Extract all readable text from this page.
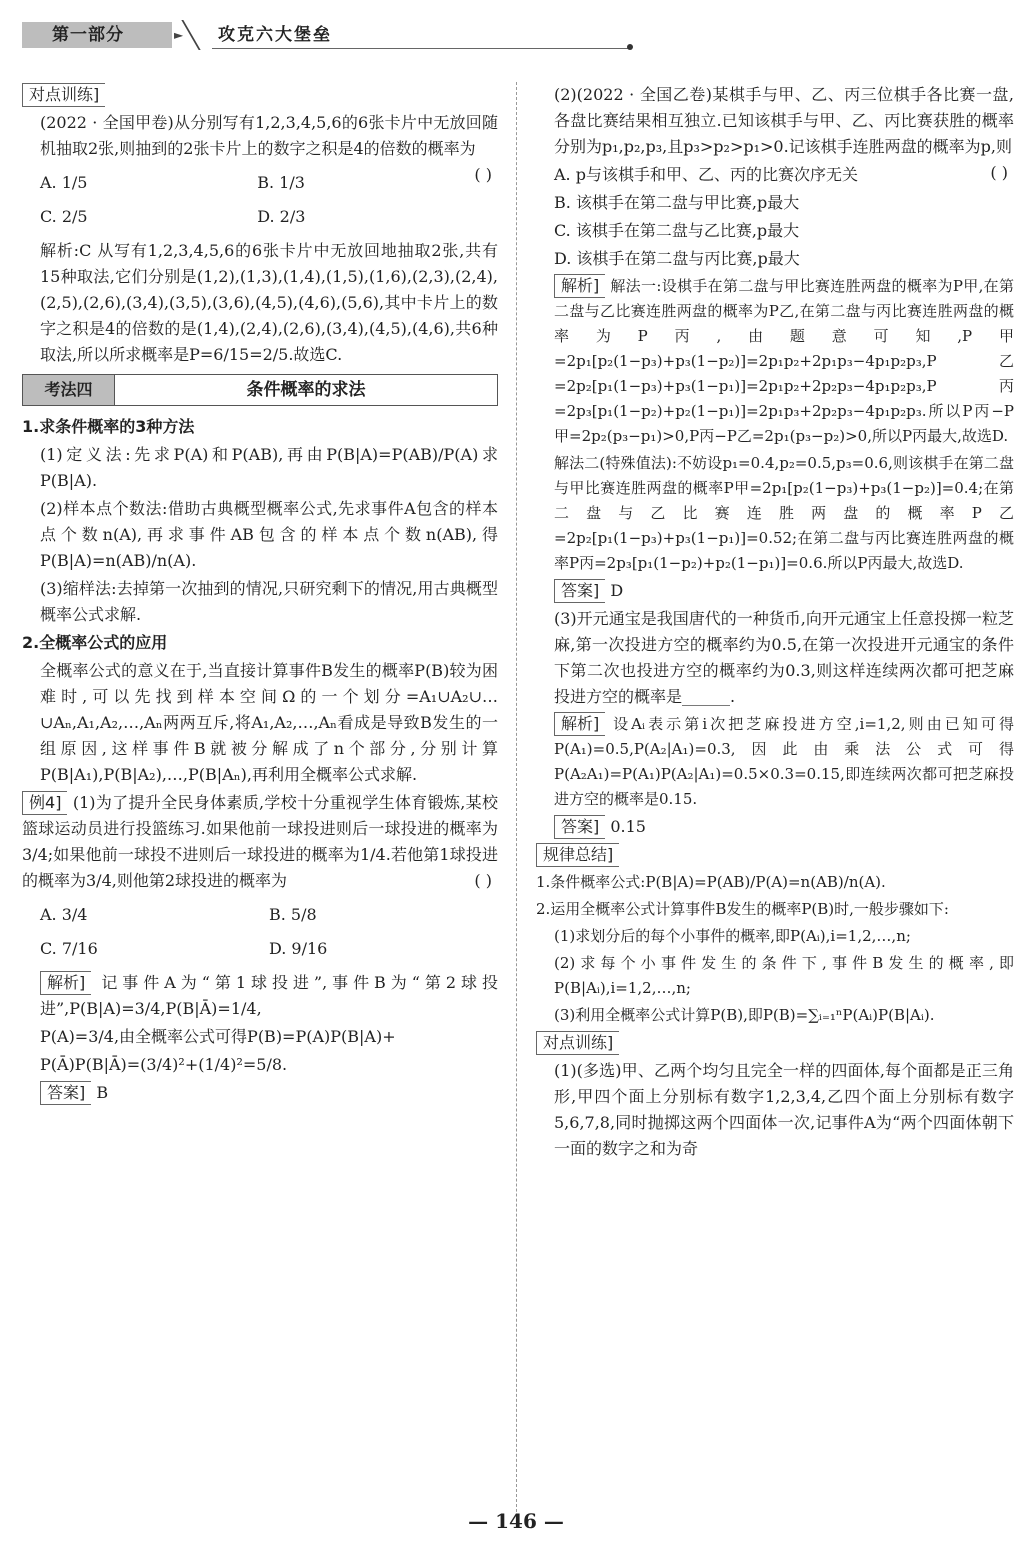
第一部分	► 攻克六大堡垒
对点训练 ]
(2022 · 全国甲卷)从分别写有1,2,3,4,5,6的6张卡片中无放回随机抽取2张,则抽到的2张卡片上的数字之积是4的倍数的概率为
( )
A. 1/5	B. 1/3
C. 2/5	D. 2/3
解析:C 从写有1,2,3,4,5,6的6张卡片中无放回地抽取2张,共有15种取法,它们分别是(1,2),(1,3),(1,4),(1,5),(1,6),(2,3),(2,4),(2,5),(2,6),(3,4),(3,5),(3,6),(4,5),(4,6),(5,6),其中卡片上的数字之积是4的倍数的是(1,4),(2,4),(2,6),(3,4),(4,5),(4,6),共6种取法,所以所求概率是P=6/15=2/5.故选C.
考法四	条件概率的求法
1.求条件概率的3种方法
(1)定义法:先求P(A)和P(AB),再由P(B|A)=P(AB)/P(A)求P(B|A).
(2)样本点个数法:借助古典概型概率公式,先求事件A包含的样本点个数n(A),再求事件AB包含的样本点个数n(AB),得P(B|A)=n(AB)/n(A).
(3)缩样法:去掉第一次抽到的情况,只研究剩下的情况,用古典概型概率公式求解.
2.全概率公式的应用
全概率公式的意义在于,当直接计算事件B发生的概率P(B)较为困难时,可以先找到样本空间Ω的一个划分=A₁∪A₂∪…∪Aₙ,A₁,A₂,…,Aₙ两两互斥,将A₁,A₂,…,Aₙ看成是导致B发生的一组原因,这样事件B就被分解成了n个部分,分别计算P(B|A₁),P(B|A₂),…,P(B|Aₙ),再利用全概率公式求解.
例4 ] (1)为了提升全民身体素质,学校十分重视学生体育锻炼,某校篮球运动员进行投篮练习.如果他前一球投进则后一球投进的概率为3/4;如果他前一球投不进则后一球投进的概率为1/4.若他第1球投进的概率为3/4,则他第2球投进的概率为	( )
A. 3/4	B. 5/8
C. 7/16	D. 9/16
解析 ] 记事件A为“第1球投进”,事件B为“第2球投进”,P(B|A)=3/4,P(B|Ā)=1/4,
P(A)=3/4,由全概率公式可得P(B)=P(A)P(B|A)+
P(Ā)P(B|Ā)=(3/4)²+(1/4)²=5/8.
答案 ] B
(2)(2022 · 全国乙卷)某棋手与甲、乙、丙三位棋手各比赛一盘,各盘比赛结果相互独立.已知该棋手与甲、乙、丙比赛获胜的概率分别为p₁,p₂,p₃,且p₃>p₂>p₁>0.记该棋手连胜两盘的概率为p,则
( )
A. p与该棋手和甲、乙、丙的比赛次序无关
B. 该棋手在第二盘与甲比赛,p最大
C. 该棋手在第二盘与乙比赛,p最大
D. 该棋手在第二盘与丙比赛,p最大
解析 ] 解法一:设棋手在第二盘与甲比赛连胜两盘的概率为P甲,在第二盘与乙比赛连胜两盘的概率为P乙,在第二盘与丙比赛连胜两盘的概率为P丙,由题意可知,P甲=2p₁[p₂(1−p₃)+p₃(1−p₂)]=2p₁p₂+2p₁p₃−4p₁p₂p₃,P乙=2p₂[p₁(1−p₃)+p₃(1−p₁)]=2p₁p₂+2p₂p₃−4p₁p₂p₃,P丙=2p₃[p₁(1−p₂)+p₂(1−p₁)]=2p₁p₃+2p₂p₃−4p₁p₂p₃.所以P丙−P甲=2p₂(p₃−p₁)>0,P丙−P乙=2p₁(p₃−p₂)>0,所以P丙最大,故选D.
解法二(特殊值法):不妨设p₁=0.4,p₂=0.5,p₃=0.6,则该棋手在第二盘与甲比赛连胜两盘的概率P甲=2p₁[p₂(1−p₃)+p₃(1−p₂)]=0.4;在第二盘与乙比赛连胜两盘的概率P乙=2p₂[p₁(1−p₃)+p₃(1−p₁)]=0.52;在第二盘与丙比赛连胜两盘的概率P丙=2p₃[p₁(1−p₂)+p₂(1−p₁)]=0.6.所以P丙最大,故选D.
答案 ] D
(3)开元通宝是我国唐代的一种货币,向开元通宝上任意投掷一粒芝麻,第一次投进方空的概率约为0.5,在第一次投进开元通宝的条件下第二次也投进方空的概率约为0.3,则这样连续两次都可把芝麻投进方空的概率是______.
解析 ] 设Aᵢ表示第i次把芝麻投进方空,i=1,2,则由已知可得P(A₁)=0.5,P(A₂|A₁)=0.3,因此由乘法公式可得P(A₂A₁)=P(A₁)P(A₂|A₁)=0.5×0.3=0.15,即连续两次都可把芝麻投进方空的概率是0.15.
答案 ] 0.15
规律总结 ]
1.条件概率公式:P(B|A)=P(AB)/P(A)=n(AB)/n(A).
2.运用全概率公式计算事件B发生的概率P(B)时,一般步骤如下:
(1)求划分后的每个小事件的概率,即P(Aᵢ),i=1,2,…,n;
(2)求每个小事件发生的条件下,事件B发生的概率,即P(B|Aᵢ),i=1,2,…,n;
(3)利用全概率公式计算P(B),即P(B)=∑ᵢ₌₁ⁿP(Aᵢ)P(B|Aᵢ).
对点训练 ]
(1)(多选)甲、乙两个均匀且完全一样的四面体,每个面都是正三角形,甲四个面上分别标有数字1,2,3,4,乙四个面上分别标有数字5,6,7,8,同时抛掷这两个四面体一次,记事件A为“两个四面体朝下一面的数字之和为奇
— 146 —
